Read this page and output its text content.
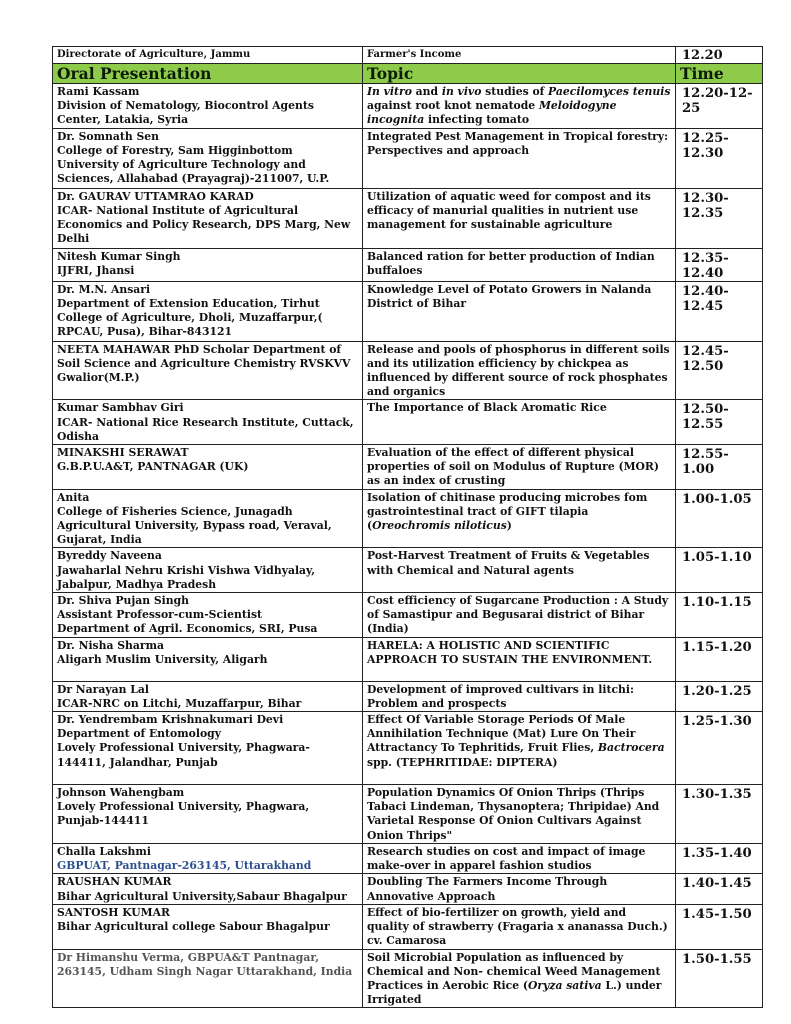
Directorate of Agriculture, Jammu	Farmer's Income	12.20
Oral Presentation	Topic	Time

Rami Kassam
Division of Nematology, Biocontrol Agents Center, Latakia, Syria	In vitro and in vivo studies of Paecilomyces tenuis against root knot nematode Meloidogyne incognita infecting tomato	12.20-12-25

Dr. Somnath Sen
College of Forestry, Sam Higginbottom University of Agriculture Technology and Sciences, Allahabad (Prayagraj)-211007, U.P.	Integrated Pest Management in Tropical forestry: Perspectives and approach	12.25-12.30

Dr. GAURAV UTTAMRAO KARAD
ICAR- National Institute of Agricultural Economics and Policy Research, DPS Marg, New Delhi	Utilization of aquatic weed for compost and its efficacy of manurial qualities in nutrient use management for sustainable agriculture	12.30-12.35

Nitesh Kumar Singh
IJFRI, Jhansi	Balanced ration for better production of Indian buffaloes	12.35-12.40

Dr. M.N. Ansari
Department of Extension Education, Tirhut College of Agriculture, Dholi, Muzaffarpur,( RPCAU, Pusa), Bihar-843121	Knowledge Level of Potato Growers in Nalanda District of Bihar	12.40-12.45

NEETA MAHAWAR PhD Scholar Department of Soil Science and Agriculture Chemistry RVSKVV Gwalior(M.P.)	Release and pools of phosphorus in different soils and its utilization efficiency by chickpea as influenced by different source of rock phosphates and organics	12.45-12.50

Kumar Sambhav Giri
ICAR- National Rice Research Institute, Cuttack, Odisha	The Importance of Black Aromatic Rice	12.50-12.55

MINAKSHI SERAWAT
G.B.P.U.A&T, PANTNAGAR (UK)	Evaluation of the effect of different physical properties of soil on Modulus of Rupture (MOR) as an index of crusting	12.55-1.00

Anita
College of Fisheries Science, Junagadh Agricultural University, Bypass road, Veraval, Gujarat, India	Isolation of chitinase producing microbes fom gastrointestinal tract of GIFT tilapia (Oreochromis niloticus)	1.00-1.05

Byreddy Naveena
Jawaharlal Nehru Krishi Vishwa Vidhyalay, Jabalpur, Madhya Pradesh	Post-Harvest Treatment of Fruits & Vegetables with Chemical and Natural agents	1.05-1.10

Dr. Shiva Pujan Singh
Assistant Professor-cum-Scientist
Department of Agril. Economics, SRI, Pusa	Cost efficiency of Sugarcane Production : A Study of Samastipur and Begusarai district of Bihar (India)	1.10-1.15

Dr. Nisha Sharma
Aligarh Muslim University, Aligarh	HARELA: A HOLISTIC AND SCIENTIFIC APPROACH TO SUSTAIN THE ENVIRONMENT.	1.15-1.20

Dr Narayan Lal
ICAR-NRC on Litchi, Muzaffarpur, Bihar	Development of improved cultivars in litchi: Problem and prospects	1.20-1.25

Dr. Yendrembam Krishnakumari Devi
Department of Entomology
Lovely Professional University, Phagwara-144411, Jalandhar, Punjab	Effect Of Variable Storage Periods Of Male Annihilation Technique (Mat) Lure On Their Attractancy To Tephritids, Fruit Flies, Bactrocera spp. (TEPHRITIDAE: DIPTERA)	1.25-1.30

Johnson Wahengbam
Lovely Professional University, Phagwara, Punjab-144411	Population Dynamics Of Onion Thrips (Thrips Tabaci Lindeman, Thysanoptera; Thripidae) And Varietal Response Of Onion Cultivars Against Onion Thrips"	1.30-1.35

Challa Lakshmi
GBPUAT, Pantnagar-263145, Uttarakhand	Research studies on cost and impact of image make-over in apparel fashion studios	1.35-1.40

RAUSHAN KUMAR
Bihar Agricultural University,Sabaur Bhagalpur	Doubling The Farmers Income Through Annovative Approach	1.40-1.45

SANTOSH KUMAR
Bihar Agricultural college Sabour Bhagalpur	Effect of bio-fertilizer on growth, yield and quality of strawberry (Fragaria x ananassa Duch.) cv. Camarosa	1.45-1.50

Dr Himanshu Verma, GBPUA&T Pantnagar, 263145, Udham Singh Nagar Uttarakhand, India	Soil Microbial Population as influenced by Chemical and Non- chemical Weed Management Practices in Aerobic Rice (Oryza sativa L.) under Irrigated	1.50-1.55
